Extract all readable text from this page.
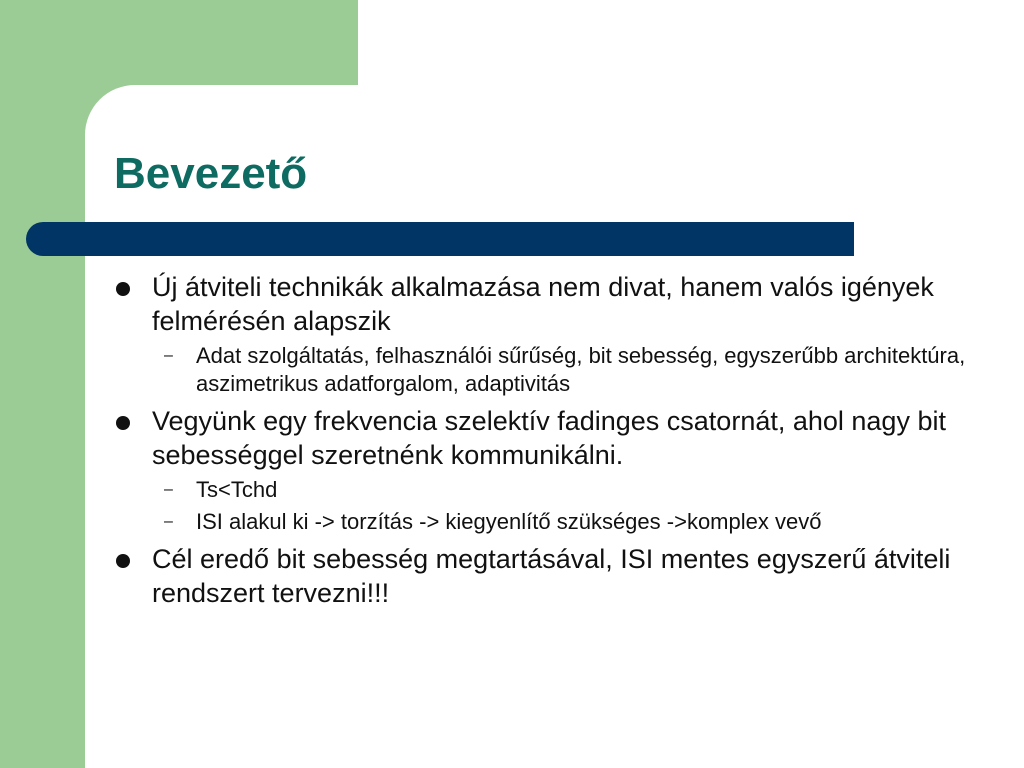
Bevezető
Új átviteli technikák alkalmazása nem divat, hanem valós igények felmérésén alapszik
– Adat szolgáltatás, felhasználói sűrűség, bit sebesség, egyszerűbb architektúra, aszimetrikus adatforgalom, adaptivitás
Vegyünk egy frekvencia szelektív fadinges csatornát, ahol nagy bit sebességgel szeretnénk kommunikálni.
– Ts<Tchd
– ISI alakul ki -> torzítás -> kiegyenlítő szükséges ->komplex vevő
Cél eredő bit sebesség megtartásával, ISI mentes egyszerű átviteli rendszert tervezni!!!
